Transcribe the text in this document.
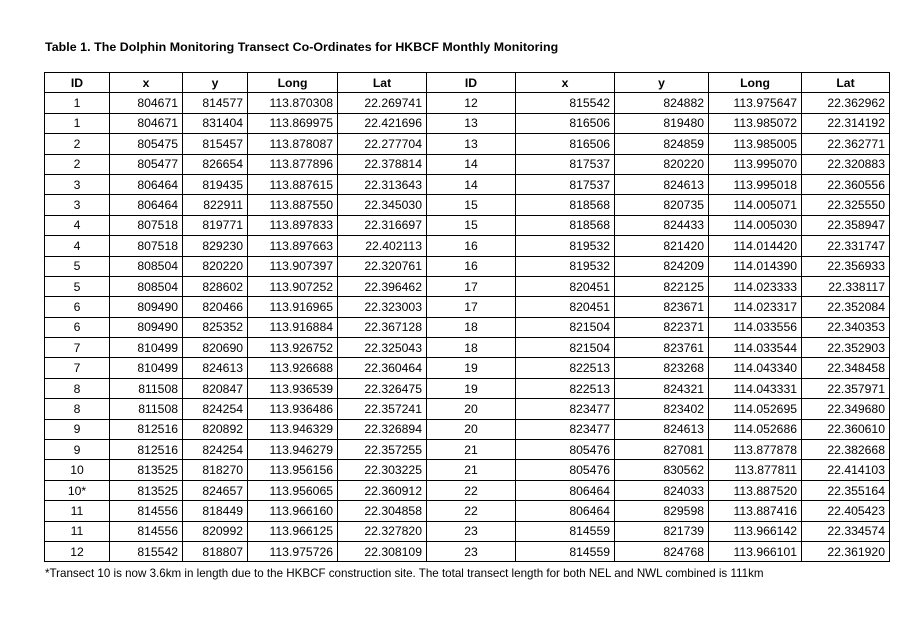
Table 1. The Dolphin Monitoring Transect Co-Ordinates for HKBCF Monthly Monitoring
ID	x	y	Long	Lat	ID	x	y	Long	Lat
1	804671	814577	113.870308	22.269741	12	815542	824882	113.975647	22.362962
1	804671	831404	113.869975	22.421696	13	816506	819480	113.985072	22.314192
2	805475	815457	113.878087	22.277704	13	816506	824859	113.985005	22.362771
2	805477	826654	113.877896	22.378814	14	817537	820220	113.995070	22.320883
3	806464	819435	113.887615	22.313643	14	817537	824613	113.995018	22.360556
3	806464	822911	113.887550	22.345030	15	818568	820735	114.005071	22.325550
4	807518	819771	113.897833	22.316697	15	818568	824433	114.005030	22.358947
4	807518	829230	113.897663	22.402113	16	819532	821420	114.014420	22.331747
5	808504	820220	113.907397	22.320761	16	819532	824209	114.014390	22.356933
5	808504	828602	113.907252	22.396462	17	820451	822125	114.023333	22.338117
6	809490	820466	113.916965	22.323003	17	820451	823671	114.023317	22.352084
6	809490	825352	113.916884	22.367128	18	821504	822371	114.033556	22.340353
7	810499	820690	113.926752	22.325043	18	821504	823761	114.033544	22.352903
7	810499	824613	113.926688	22.360464	19	822513	823268	114.043340	22.348458
8	811508	820847	113.936539	22.326475	19	822513	824321	114.043331	22.357971
8	811508	824254	113.936486	22.357241	20	823477	823402	114.052695	22.349680
9	812516	820892	113.946329	22.326894	20	823477	824613	114.052686	22.360610
9	812516	824254	113.946279	22.357255	21	805476	827081	113.877878	22.382668
10	813525	818270	113.956156	22.303225	21	805476	830562	113.877811	22.414103
10*	813525	824657	113.956065	22.360912	22	806464	824033	113.887520	22.355164
11	814556	818449	113.966160	22.304858	22	806464	829598	113.887416	22.405423
11	814556	820992	113.966125	22.327820	23	814559	821739	113.966142	22.334574
12	815542	818807	113.975726	22.308109	23	814559	824768	113.966101	22.361920
*Transect 10 is now 3.6km in length due to the HKBCF construction site. The total transect length for both NEL and NWL combined is 111km
